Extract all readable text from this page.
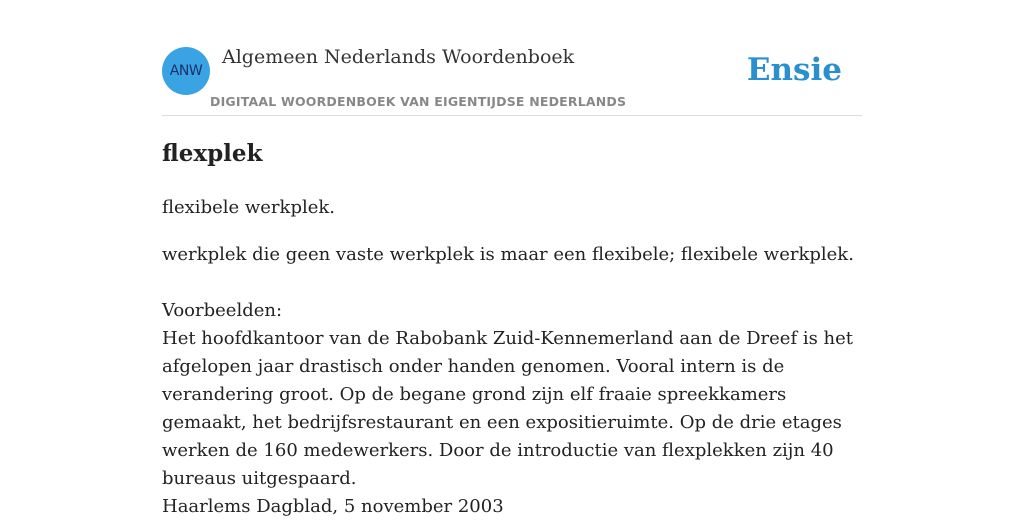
ANW
Algemeen Nederlands Woordenboek
DIGITAAL WOORDENBOEK VAN EIGENTIJDSE NEDERLANDS
Ensie
flexplek

flexibele werkplek.

werkplek die geen vaste werkplek is maar een flexibele; flexibele werkplek.

Voorbeelden:
Het hoofdkantoor van de Rabobank Zuid-Kennemerland aan de Dreef is het afgelopen jaar drastisch onder handen genomen. Vooral intern is de verandering groot. Op de begane grond zijn elf fraaie spreekkamers gemaakt, het bedrijfsrestaurant en een expositieruimte. Op de drie etages werken de 160 medewerkers. Door de introductie van flexplekken zijn 40 bureaus uitgespaard.
Haarlems Dagblad, 5 november 2003
